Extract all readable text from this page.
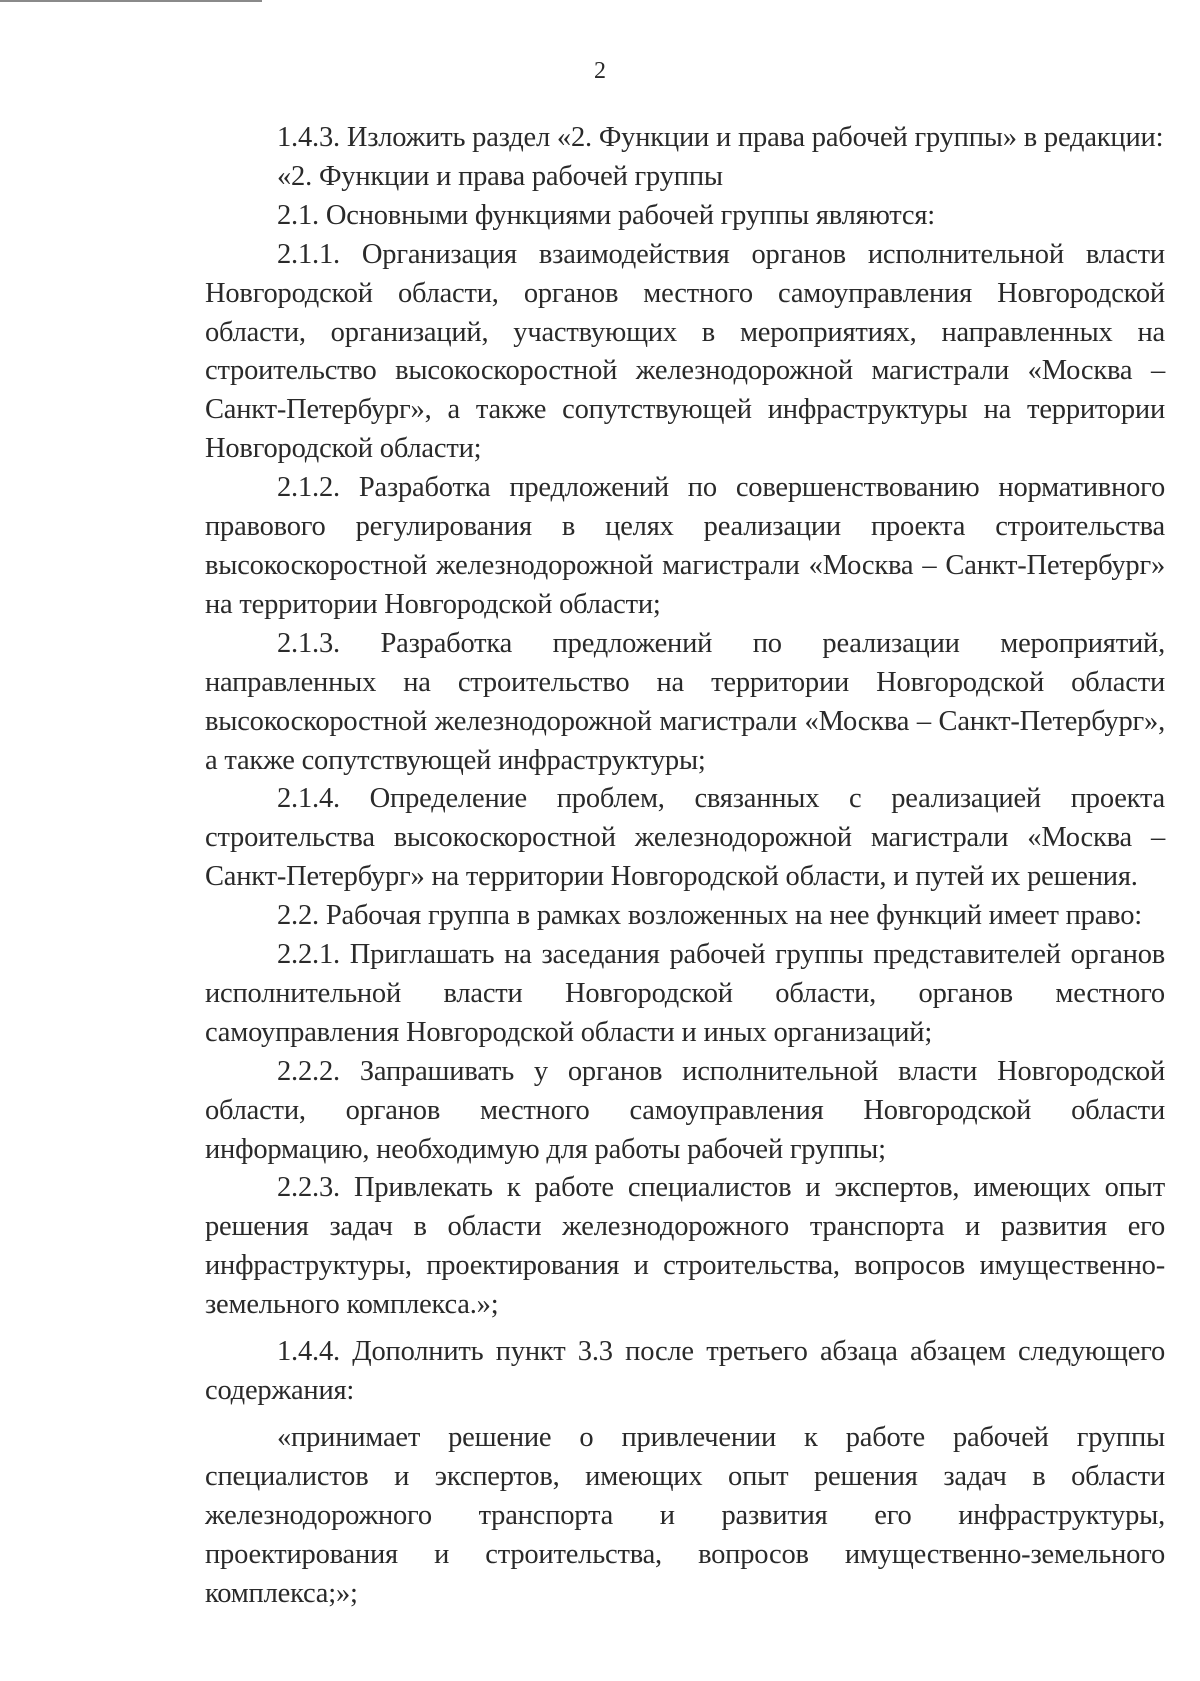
2

1.4.3. Изложить раздел «2. Функции и права рабочей группы» в редакции:

«2. Функции и права рабочей группы

2.1. Основными функциями рабочей группы являются:

2.1.1. Организация взаимодействия органов исполнительной власти Новгородской области, органов местного самоуправления Новгородской области, организаций, участвующих в мероприятиях, направленных на строительство высокоскоростной железнодорожной магистрали «Москва – Санкт-Петербург», а также сопутствующей инфраструктуры на территории Новгородской области;

2.1.2. Разработка предложений по совершенствованию нормативного правового регулирования в целях реализации проекта строительства высокоскоростной железнодорожной магистрали «Москва – Санкт-Петербург» на территории Новгородской области;

2.1.3. Разработка предложений по реализации мероприятий, направленных на строительство на территории Новгородской области высокоскоростной железнодорожной магистрали «Москва – Санкт-Петербург», а также сопутствующей инфраструктуры;

2.1.4. Определение проблем, связанных с реализацией проекта строительства высокоскоростной железнодорожной магистрали «Москва – Санкт-Петербург» на территории Новгородской области, и путей их решения.

2.2. Рабочая группа в рамках возложенных на нее функций имеет право:

2.2.1. Приглашать на заседания рабочей группы представителей органов исполнительной власти Новгородской области, органов местного самоуправления Новгородской области и иных организаций;

2.2.2. Запрашивать у органов исполнительной власти Новгородской области, органов местного самоуправления Новгородской области информацию, необходимую для работы рабочей группы;

2.2.3. Привлекать к работе специалистов и экспертов, имеющих опыт решения задач в области железнодорожного транспорта и развития его инфраструктуры, проектирования и строительства, вопросов имущественно-земельного комплекса.»;

1.4.4. Дополнить пункт 3.3 после третьего абзаца абзацем следующего содержания:

«принимает решение о привлечении к работе рабочей группы специалистов и экспертов, имеющих опыт решения задач в области железнодорожного транспорта и развития его инфраструктуры, проектирования и строительства, вопросов имущественно-земельного комплекса;»;
